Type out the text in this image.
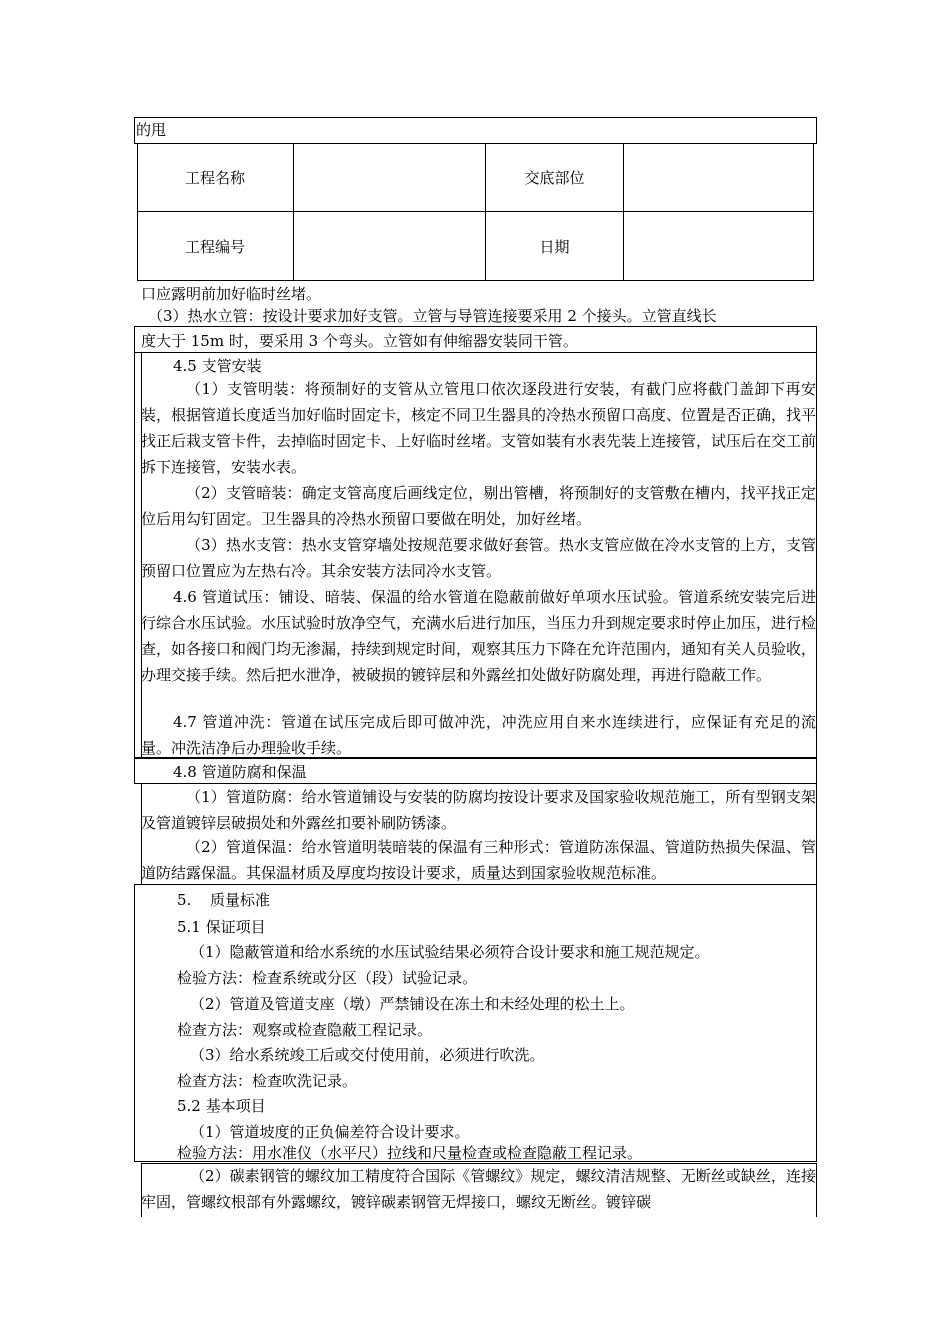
的甩
工程名称	交底部位
工程编号	日期
口应露明前加好临时丝堵。
（3）热水立管：按设计要求加好支管。立管与导管连接要采用 2 个接头。立管直线长
度大于 15m 时，要采用 3 个弯头。立管如有伸缩器安装同干管。
4.5 支管安装

（1）支管明装：将预制好的支管从立管甩口依次逐段进行安装，有截门应将截门盖卸下再安装，根据管道长度适当加好临时固定卡，核定不同卫生器具的冷热水预留口高度、位置是否正确，找平找正后栽支管卡件，去掉临时固定卡、上好临时丝堵。支管如装有水表先装上连接管，试压后在交工前拆下连接管，安装水表。

（2）支管暗装：确定支管高度后画线定位，剔出管槽，将预制好的支管敷在槽内，找平找正定位后用勾钉固定。卫生器具的冷热水预留口要做在明处，加好丝堵。

（3）热水支管：热水支管穿墙处按规范要求做好套管。热水支管应做在冷水支管的上方，支管预留口位置应为左热右冷。其余安装方法同冷水支管。

4.6 管道试压：铺设、暗装、保温的给水管道在隐蔽前做好单项水压试验。管道系统安装完后进行综合水压试验。水压试验时放净空气，充满水后进行加压，当压力升到规定要求时停止加压，进行检查，如各接口和阀门均无渗漏，持续到规定时间，观察其压力下降在允许范围内，通知有关人员验收，办理交接手续。然后把水泄净，被破损的镀锌层和外露丝扣处做好防腐处理，再进行隐蔽工作。

4.7 管道冲洗：管道在试压完成后即可做冲洗，冲洗应用自来水连续进行，应保证有充足的流量。冲洗洁净后办理验收手续。

4.8 管道防腐和保温

（1）管道防腐：给水管道铺设与安装的防腐均按设计要求及国家验收规范施工，所有型钢支架及管道镀锌层破损处和外露丝扣要补刷防锈漆。

（2）管道保温：给水管道明装暗装的保温有三种形式：管道防冻保温、管道防热损失保温、管道防结露保温。其保温材质及厚度均按设计要求，质量达到国家验收规范标准。

5. 质量标准
5.1 保证项目
（1）隐蔽管道和给水系统的水压试验结果必须符合设计要求和施工规范规定。
检验方法：检查系统或分区（段）试验记录。
（2）管道及管道支座（墩）严禁铺设在冻土和未经处理的松土上。
检查方法：观察或检查隐蔽工程记录。
（3）给水系统竣工后或交付使用前，必须进行吹洗。
检查方法：检查吹洗记录。
5.2 基本项目
（1）管道坡度的正负偏差符合设计要求。
检验方法：用水准仪（水平尺）拉线和尺量检查或检查隐蔽工程记录。

（2）碳素钢管的螺纹加工精度符合国际《管螺纹》规定，螺纹清洁规整、无断丝或缺丝，连接牢固，管螺纹根部有外露螺纹，镀锌碳素钢管无焊接口，螺纹无断丝。镀锌碳
